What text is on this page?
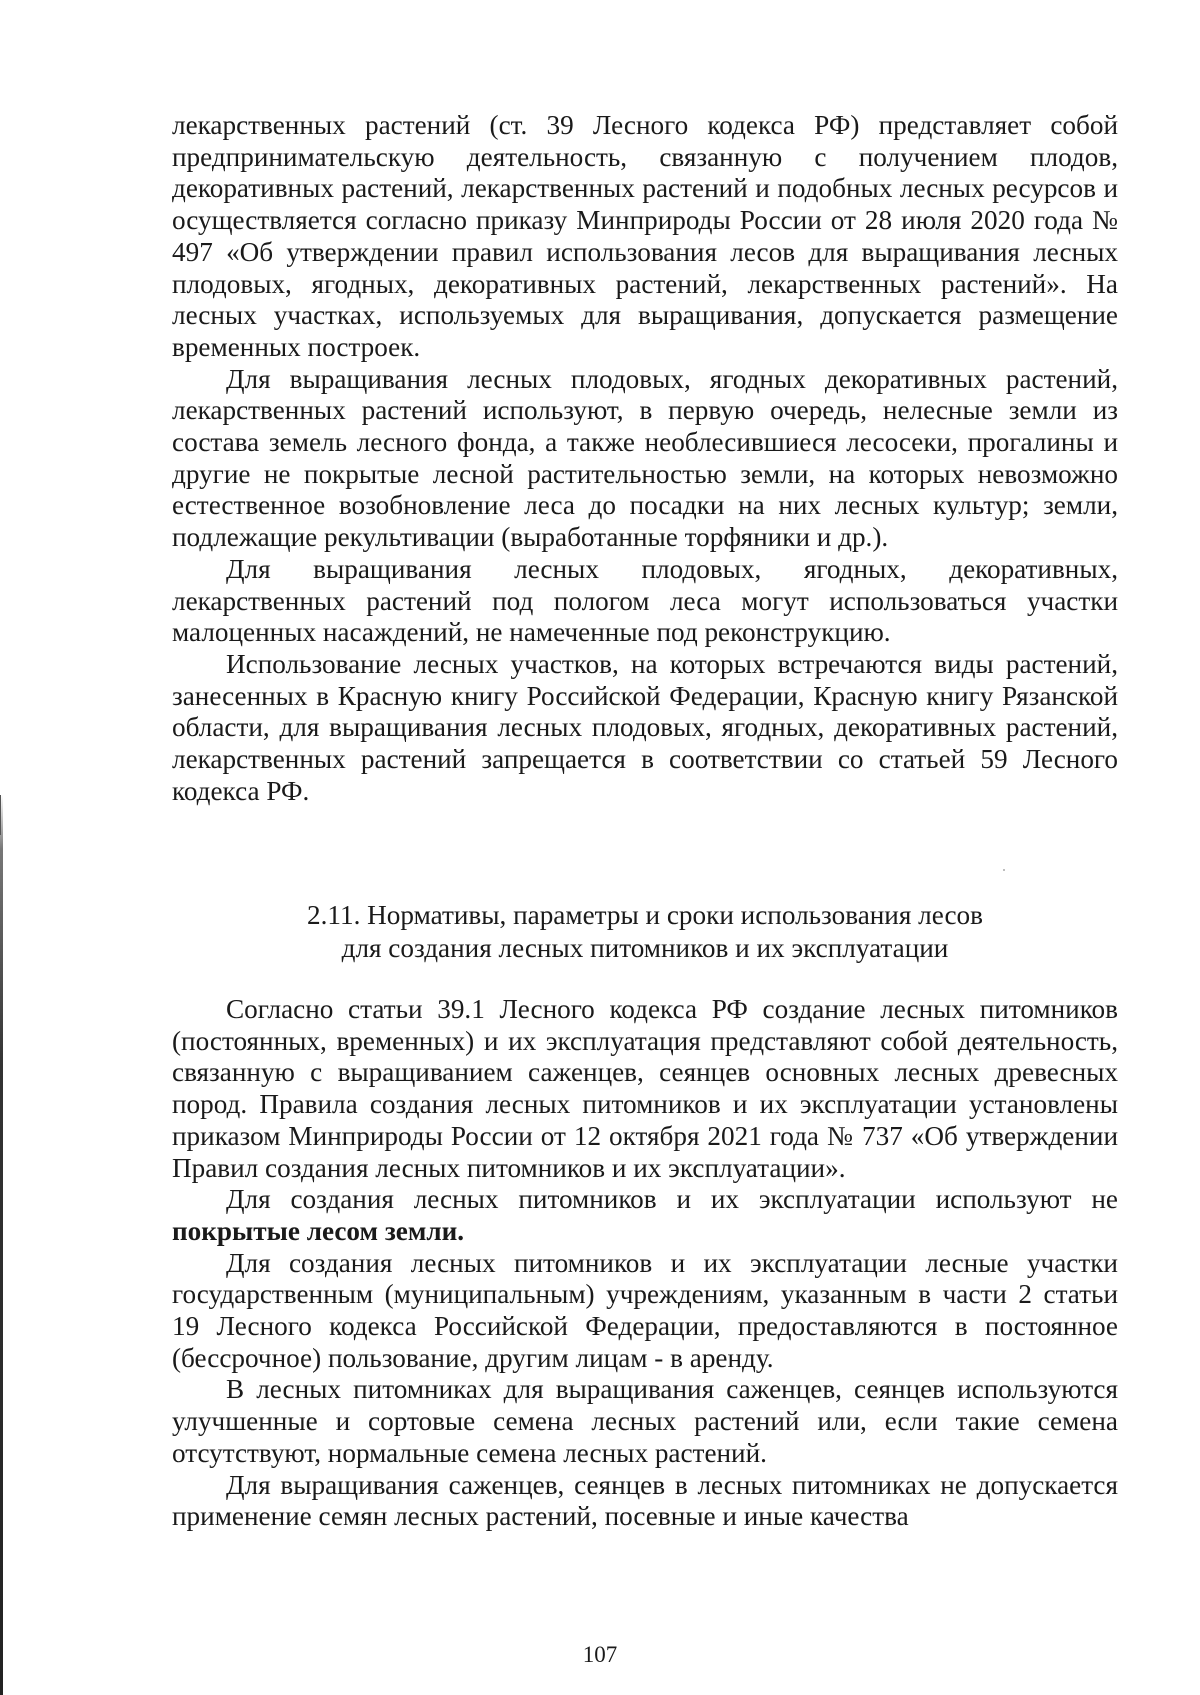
лекарственных растений (ст. 39 Лесного кодекса РФ) представляет собой предпринимательскую деятельность, связанную с получением плодов, декоративных растений, лекарственных растений и подобных лесных ресурсов и осуществляется согласно приказу Минприроды России от 28 июля 2020 года № 497 «Об утверждении правил использования лесов для выращивания лесных плодовых, ягодных, декоративных растений, лекарственных растений». На лесных участках, используемых для выращивания, допускается размещение временных построек.

Для выращивания лесных плодовых, ягодных декоративных растений, лекарственных растений используют, в первую очередь, нелесные земли из состава земель лесного фонда, а также необлесившиеся лесосеки, прогалины и другие не покрытые лесной растительностью земли, на которых невозможно естественное возобновление леса до посадки на них лесных культур; земли, подлежащие рекультивации (выработанные торфяники и др.).

Для выращивания лесных плодовых, ягодных, декоративных, лекарственных растений под пологом леса могут использоваться участки малоценных насаждений, не намеченные под реконструкцию.

Использование лесных участков, на которых встречаются виды растений, занесенных в Красную книгу Российской Федерации, Красную книгу Рязанской области, для выращивания лесных плодовых, ягодных, декоративных растений, лекарственных растений запрещается в соответствии со статьей 59 Лесного кодекса РФ.

2.11. Нормативы, параметры и сроки использования лесов
для создания лесных питомников и их эксплуатации

Согласно статьи 39.1 Лесного кодекса РФ создание лесных питомников (постоянных, временных) и их эксплуатация представляют собой деятельность, связанную с выращиванием саженцев, сеянцев основных лесных древесных пород. Правила создания лесных питомников и их эксплуатации установлены приказом Минприроды России от 12 октября 2021 года № 737 «Об утверждении Правил создания лесных питомников и их эксплуатации».

Для создания лесных питомников и их эксплуатации используют не покрытые лесом земли.

Для создания лесных питомников и их эксплуатации лесные участки государственным (муниципальным) учреждениям, указанным в части 2 статьи 19 Лесного кодекса Российской Федерации, предоставляются в постоянное (бессрочное) пользование, другим лицам - в аренду.

В лесных питомниках для выращивания саженцев, сеянцев используются улучшенные и сортовые семена лесных растений или, если такие семена отсутствуют, нормальные семена лесных растений.

Для выращивания саженцев, сеянцев в лесных питомниках не допускается применение семян лесных растений, посевные и иные качества

107
